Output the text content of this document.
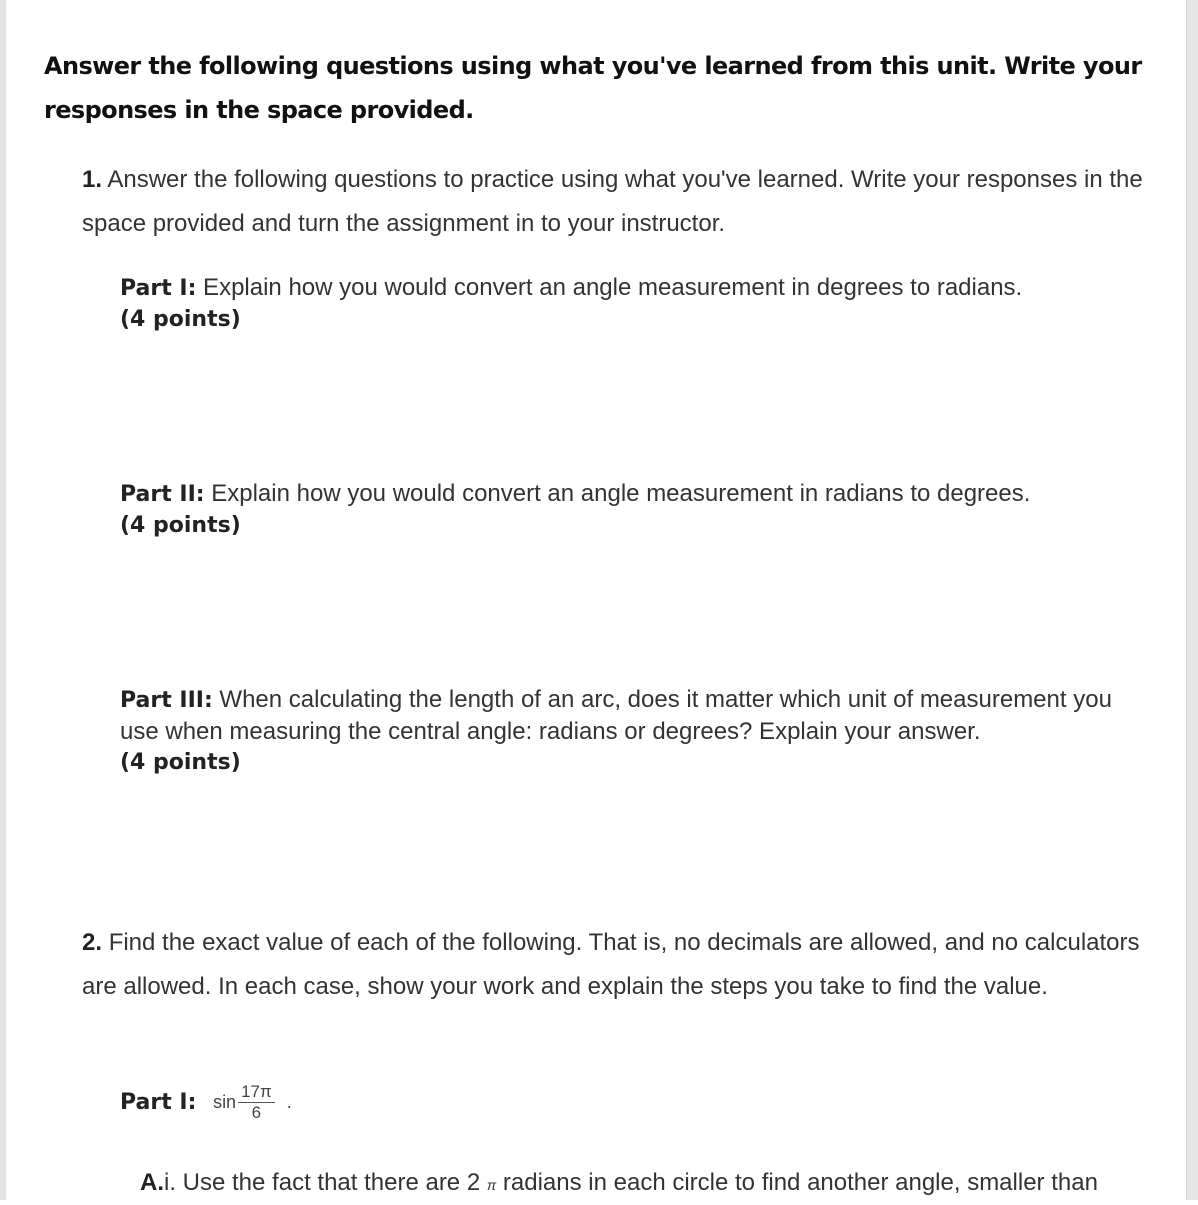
Answer the following questions using what you've learned from this unit. Write your responses in the space provided.
1. Answer the following questions to practice using what you've learned. Write your responses in the space provided and turn the assignment in to your instructor.
Part I: Explain how you would convert an angle measurement in degrees to radians.
(4 points)
Part II: Explain how you would convert an angle measurement in radians to degrees.
(4 points)
Part III: When calculating the length of an arc, does it matter which unit of measurement you use when measuring the central angle: radians or degrees? Explain your answer.
(4 points)
2. Find the exact value of each of the following. That is, no decimals are allowed, and no calculators are allowed. In each case, show your work and explain the steps you take to find the value.
Part I: $\sin \frac{17\pi}{6}$ .
A.i. Use the fact that there are 2 π radians in each circle to find another angle, smaller than
